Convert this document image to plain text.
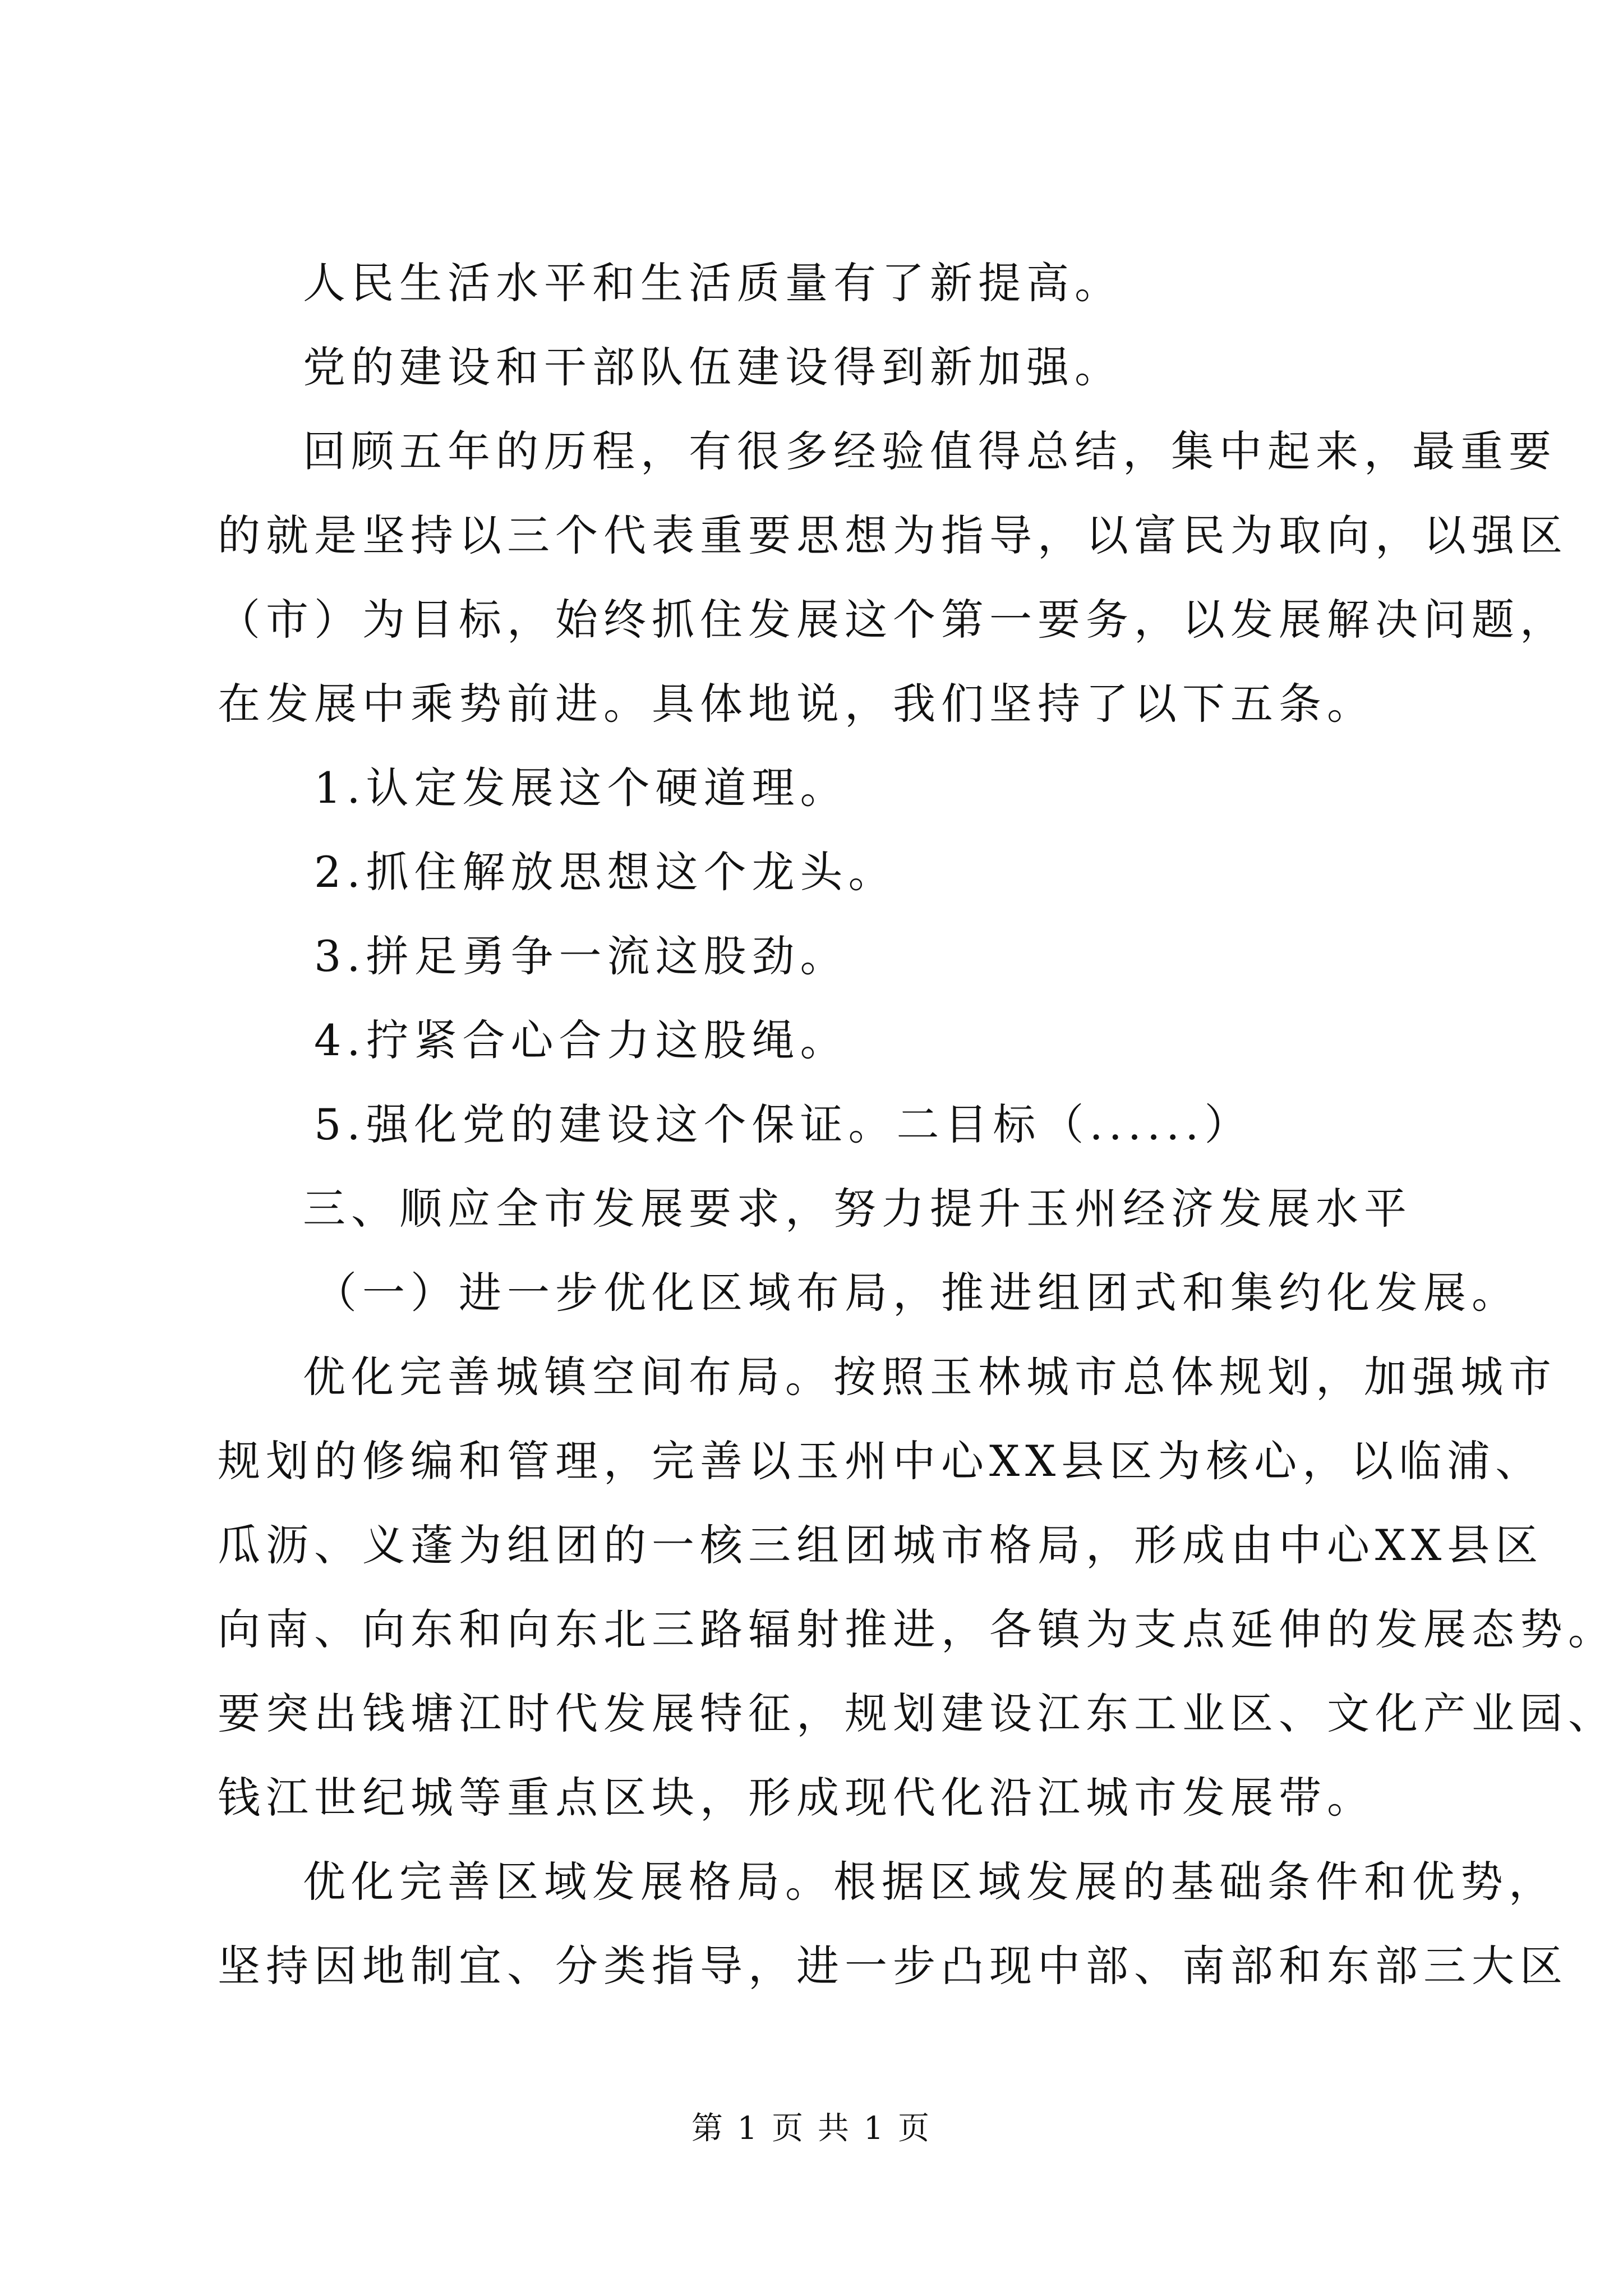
人民生活水平和生活质量有了新提高。

党的建设和干部队伍建设得到新加强。

回顾五年的历程，有很多经验值得总结，集中起来，最重要

的就是坚持以三个代表重要思想为指导，以富民为取向，以强区

（市）为目标，始终抓住发展这个第一要务，以发展解决问题，

在发展中乘势前进。具体地说，我们坚持了以下五条。

1.认定发展这个硬道理。

2.抓住解放思想这个龙头。

3.拼足勇争一流这股劲。

4.拧紧合心合力这股绳。

5.强化党的建设这个保证。二目标（......）

三、顺应全市发展要求，努力提升玉州经济发展水平

（一）进一步优化区域布局，推进组团式和集约化发展。

优化完善城镇空间布局。按照玉林城市总体规划，加强城市

规划的修编和管理，完善以玉州中心XX县区为核心，以临浦、

瓜沥、义蓬为组团的一核三组团城市格局，形成由中心XX县区

向南、向东和向东北三路辐射推进，各镇为支点延伸的发展态势。

要突出钱塘江时代发展特征，规划建设江东工业区、文化产业园、

钱江世纪城等重点区块，形成现代化沿江城市发展带。

优化完善区域发展格局。根据区域发展的基础条件和优势，

坚持因地制宜、分类指导，进一步凸现中部、南部和东部三大区

第 1 页 共 1 页
